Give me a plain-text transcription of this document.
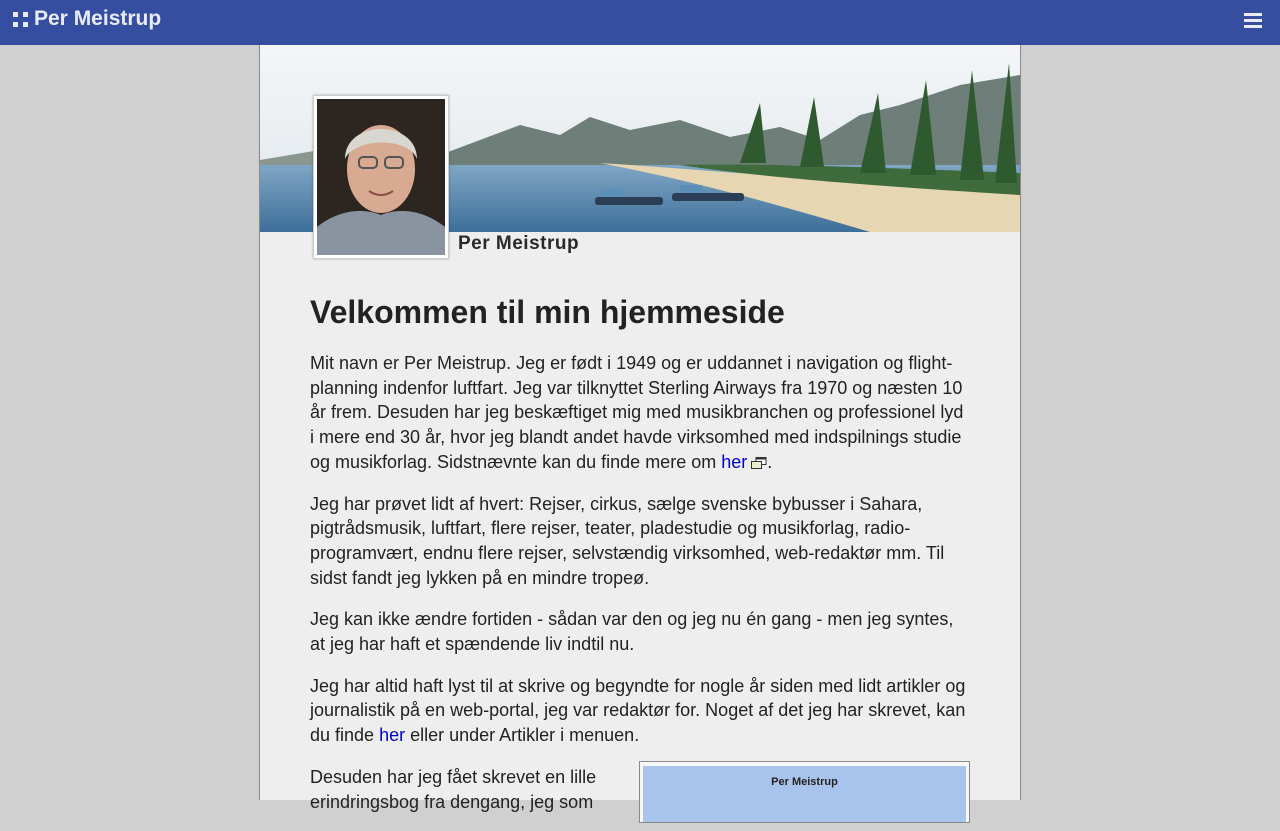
Per Meistrup
Per Meistrup
Velkommen til min hjemmeside

Mit navn er Per Meistrup. Jeg er født i 1949 og er uddannet i navigation og flight-planning indenfor luftfart. Jeg var tilknyttet Sterling Airways fra 1970 og næsten 10 år frem. Desuden har jeg beskæftiget mig med musikbranchen og professionel lyd i mere end 30 år, hvor jeg blandt andet havde virksomhed med indspilnings studie og musikforlag. Sidstnævnte kan du finde mere om her .

Jeg har prøvet lidt af hvert: Rejser, cirkus, sælge svenske bybusser i Sahara, pigtrådsmusik, luftfart, flere rejser, teater, pladestudie og musikforlag, radio-programvært, endnu flere rejser, selvstændig virksomhed, web-redaktør mm. Til sidst fandt jeg lykken på en mindre tropeø.

Jeg kan ikke ændre fortiden - sådan var den og jeg nu én gang - men jeg syntes, at jeg har haft et spændende liv indtil nu.

Jeg har altid haft lyst til at skrive og begyndte for nogle år siden med lidt artikler og journalistik på en web-portal, jeg var redaktør for. Noget af det jeg har skrevet, kan du finde her eller under Artikler i menuen.

Desuden har jeg fået skrevet en lille
erindringsbog fra dengang, jeg som

Per Meistrup
